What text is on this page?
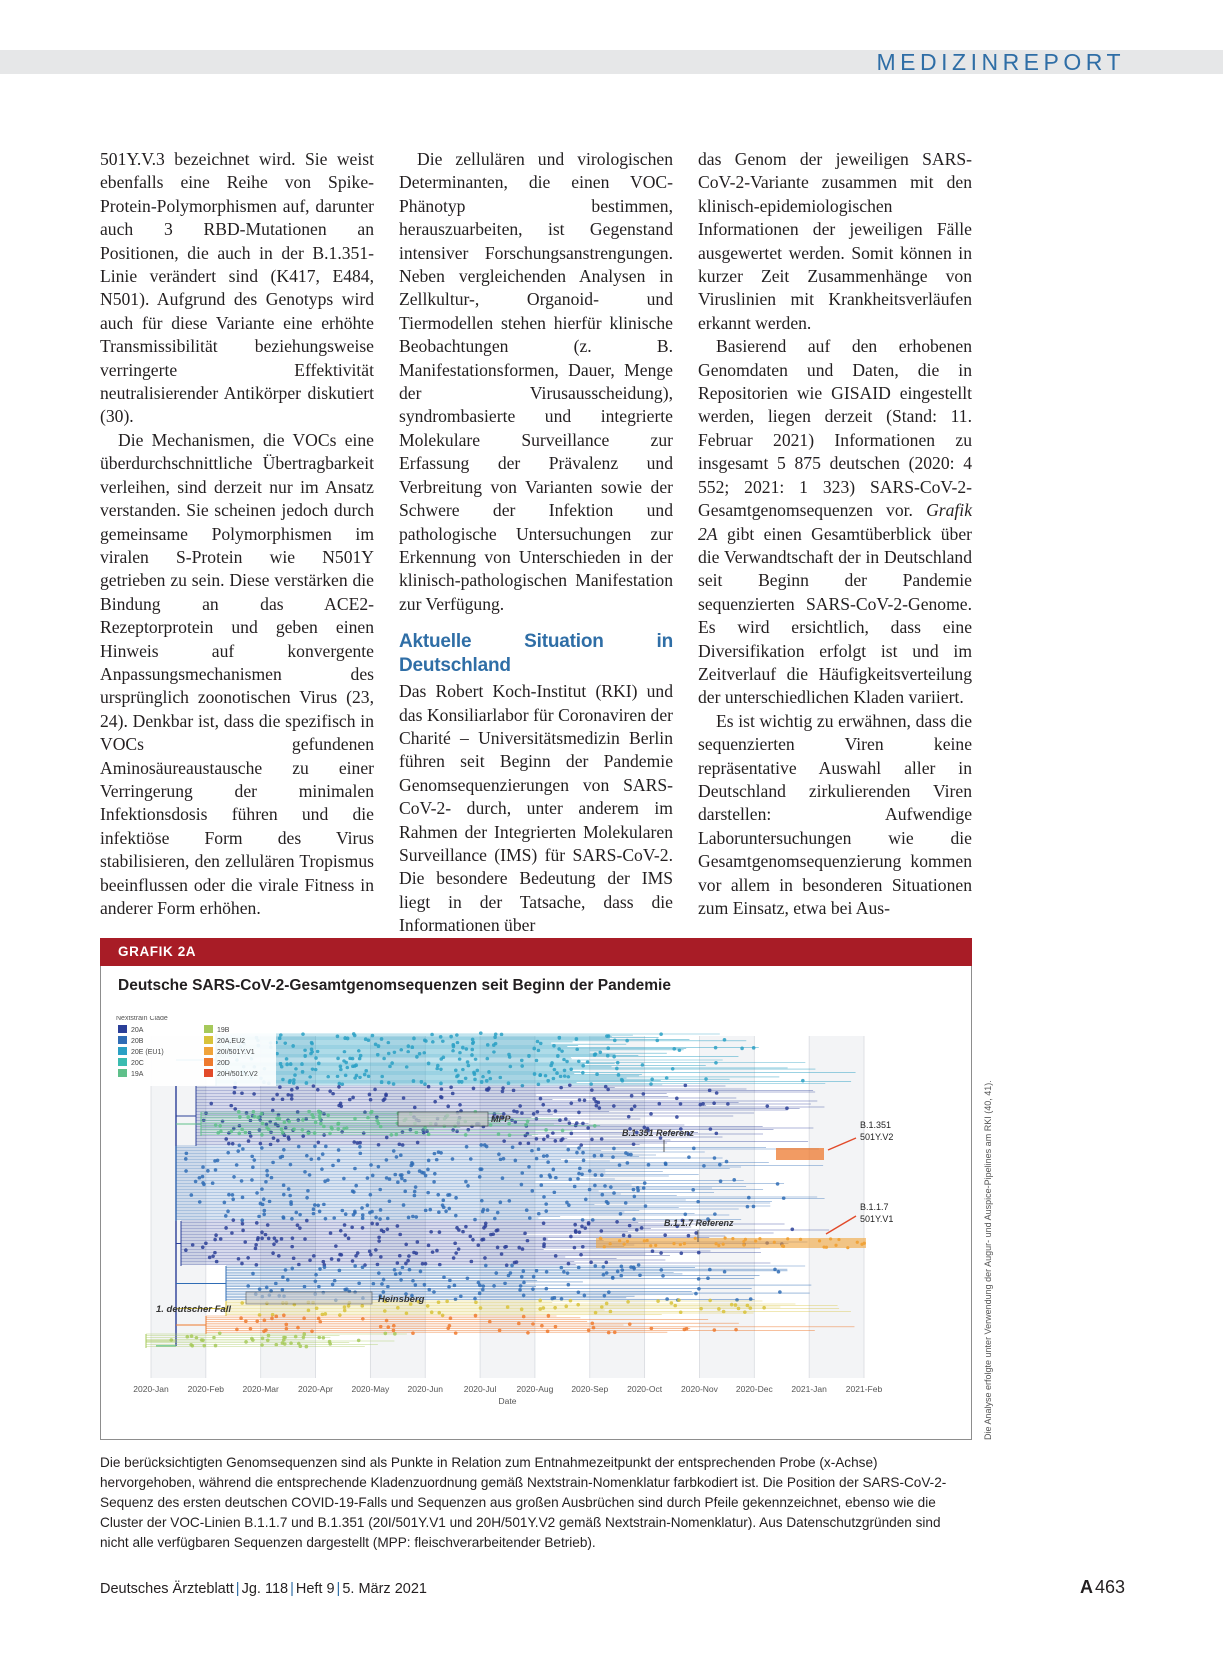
MEDIZINREPORT

501Y.V.3 bezeichnet wird. Sie weist ebenfalls eine Reihe von Spike-Protein-Polymorphismen auf, darunter auch 3 RBD-Mutationen an Positionen, die auch in der B.1.351-Linie verändert sind (K417, E484, N501). Aufgrund des Genotyps wird auch für diese Variante eine erhöhte Transmissibilität beziehungsweise verringerte Effektivität neutralisierender Antikörper diskutiert (30).

Die Mechanismen, die VOCs eine überdurchschnittliche Übertragbarkeit verleihen, sind derzeit nur im Ansatz verstanden. Sie scheinen jedoch durch gemeinsame Polymorphismen im viralen S-Protein wie N501Y getrieben zu sein. Diese verstärken die Bindung an das ACE2-Rezeptorprotein und geben einen Hinweis auf konvergente Anpassungsmechanismen des ursprünglich zoonotischen Virus (23, 24). Denkbar ist, dass die spezifisch in VOCs gefundenen Aminosäureaustausche zu einer Verringerung der minimalen Infektionsdosis führen und die infektiöse Form des Virus stabilisieren, den zellulären Tropismus beeinflussen oder die virale Fitness in anderer Form erhöhen.

Die zellulären und virologischen Determinanten, die einen VOC-Phänotyp bestimmen, herauszuarbeiten, ist Gegenstand intensiver Forschungsanstrengungen. Neben vergleichenden Analysen in Zellkultur-, Organoid- und Tiermodellen stehen hierfür klinische Beobachtungen (z. B. Manifestationsformen, Dauer, Menge der Virusausscheidung), syndrombasierte und integrierte Molekulare Surveillance zur Erfassung der Prävalenz und Verbreitung von Varianten sowie der Schwere der Infektion und pathologische Untersuchungen zur Erkennung von Unterschieden in der klinisch-pathologischen Manifestation zur Verfügung.

Aktuelle Situation in Deutschland

Das Robert Koch-Institut (RKI) und das Konsiliarlabor für Coronaviren der Charité – Universitätsmedizin Berlin führen seit Beginn der Pandemie Genomsequenzierungen von SARS-CoV-2- durch, unter anderem im Rahmen der Integrierten Molekularen Surveillance (IMS) für SARS-CoV-2. Die besondere Bedeutung der IMS liegt in der Tatsache, dass die Informationen über

das Genom der jeweiligen SARS-CoV-2-Variante zusammen mit den klinisch-epidemiologischen Informationen der jeweiligen Fälle ausgewertet werden. Somit können in kurzer Zeit Zusammenhänge von Viruslinien mit Krankheitsverläufen erkannt werden.

Basierend auf den erhobenen Genomdaten und Daten, die in Repositorien wie GISAID eingestellt werden, liegen derzeit (Stand: 11. Februar 2021) Informationen zu insgesamt 5 875 deutschen (2020: 4 552; 2021: 1 323) SARS-CoV-2-Gesamtgenomsequenzen vor. Grafik 2A gibt einen Gesamtüberblick über die Verwandtschaft der in Deutschland seit Beginn der Pandemie sequenzierten SARS-CoV-2-Genome. Es wird ersichtlich, dass eine Diversifikation erfolgt ist und im Zeitverlauf die Häufigkeitsverteilung der unterschiedlichen Kladen variiert.

Es ist wichtig zu erwähnen, dass die sequenzierten Viren keine repräsentative Auswahl aller in Deutschland zirkulierenden Viren darstellen: Aufwendige Laboruntersuchungen wie die Gesamtgenomsequenzierung kommen vor allem in besonderen Situationen zum Einsatz, etwa bei Aus-

GRAFIK 2A
Deutsche SARS-CoV-2-Gesamtgenomsequenzen seit Beginn der Pandemie
Die Analyse erfolgte unter Verwendung der Augur- und Auspice-Pipelines am RKI (40, 41).
2020-Jan 2020-Feb 2020-Mar 2020-Apr 2020-May 2020-Jun 2020-Jul 2020-Aug 2020-Sep 2020-Oct 2020-Nov 2020-Dec 2021-Jan 2021-Feb
Date
MPP
Heinsberg
1. deutscher Fall
B.1.351 Referenz
B.1.1.7 Referenz
B.1.351
501Y.V2
B.1.1.7
501Y.V1
Nextstrain Clade
20A
20B
20E (EU1)
20C
19A
19B
20A.EU2
20I/501Y.V1
20D
20H/501Y.V2
Die berücksichtigten Genomsequenzen sind als Punkte in Relation zum Entnahmezeitpunkt der entsprechenden Probe (x-Achse) hervorgehoben, während die entsprechende Kladenzuordnung gemäß Nextstrain-Nomenklatur farbkodiert ist. Die Position der SARS-CoV-2-Sequenz des ersten deutschen COVID-19-Falls und Sequenzen aus großen Ausbrüchen sind durch Pfeile gekennzeichnet, ebenso wie die Cluster der VOC-Linien B.1.1.7 und B.1.351 (20I/501Y.V1 und 20H/501Y.V2 gemäß Nextstrain-Nomenklatur). Aus Datenschutzgründen sind nicht alle verfügbaren Sequenzen dargestellt (MPP: fleischverarbeitender Betrieb).
Deutsches Ärzteblatt | Jg. 118 | Heft 9 | 5. März 2021	A 463
